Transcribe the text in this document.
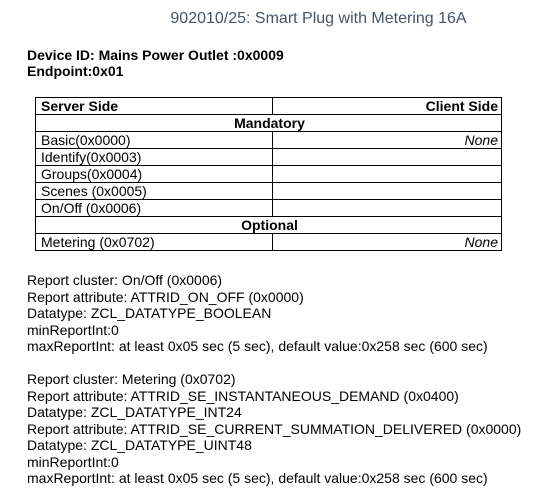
902010/25: Smart Plug with Metering 16A
Device ID: Mains Power Outlet :0x0009
Endpoint:0x01
Server Side	Client Side
Mandatory	
Basic(0x0000)	None
Identify(0x0003)	
Groups(0x0004)	
Scenes (0x0005)	
On/Off (0x0006)	
Optional	
Metering (0x0702)	None
Report cluster: On/Off (0x0006)
Report attribute: ATTRID_ON_OFF (0x0000)
Datatype: ZCL_DATATYPE_BOOLEAN
minReportInt:0
maxReportInt: at least 0x05 sec (5 sec), default value:0x258 sec (600 sec)
Report cluster: Metering (0x0702)
Report attribute: ATTRID_SE_INSTANTANEOUS_DEMAND (0x0400)
Datatype: ZCL_DATATYPE_INT24
Report attribute: ATTRID_SE_CURRENT_SUMMATION_DELIVERED (0x0000)
Datatype: ZCL_DATATYPE_UINT48
minReportInt:0
maxReportInt: at least 0x05 sec (5 sec), default value:0x258 sec (600 sec)
